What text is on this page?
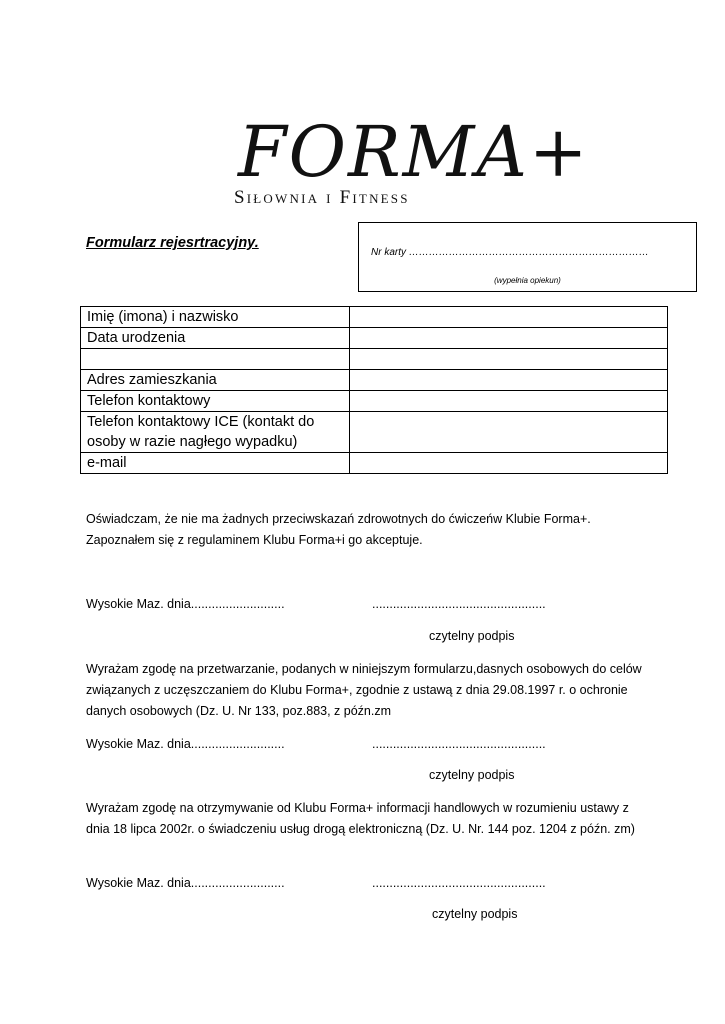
FORMA+
Siłownia i Fitness
Formularz rejesrtracyjny.
Nr karty ………………………………………………………………
(wypełnia opiekun)
Imię (imona) i nazwisko	
Data urodzenia	

Adres zamieszkania	
Telefon kontaktowy	
Telefon kontaktowy ICE (kontakt do osoby w razie nagłego wypadku)	
e-mail	

Oświadczam, że nie ma żadnych przeciwskazań zdrowotnych do ćwiczeńw Klubie Forma+. Zapoznałem się z regulaminem Klubu Forma+i go akceptuje.

Wysokie Maz. dnia...........................	..................................................
czytelny podpis

Wyrażam zgodę na przetwarzanie, podanych w niniejszym formularzu,dasnych osobowych do celów związanych z uczęszczaniem do Klubu Forma+, zgodnie z ustawą z dnia 29.08.1997 r. o ochronie danych osobowych (Dz. U. Nr 133, poz.883, z późn.zm

Wysokie Maz. dnia...........................	..................................................
czytelny podpis

Wyrażam zgodę na otrzymywanie od Klubu Forma+ informacji handlowych w rozumieniu ustawy z dnia 18 lipca 2002r. o świadczeniu usług drogą elektroniczną (Dz. U. Nr. 144 poz. 1204 z późn. zm)

Wysokie Maz. dnia...........................	..................................................
czytelny podpis
